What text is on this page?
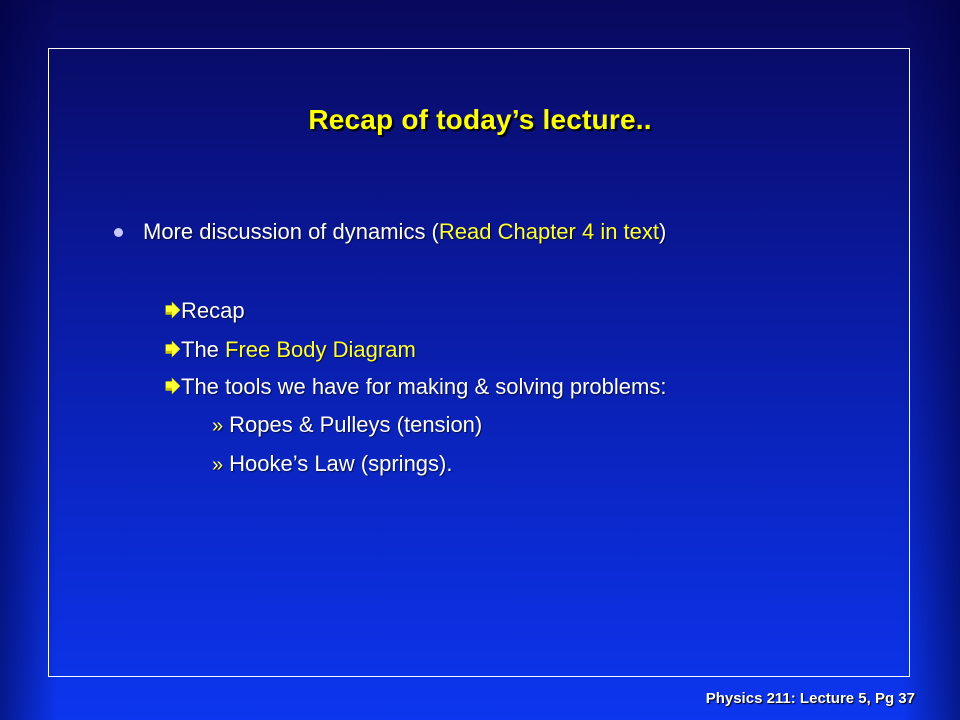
Recap of today’s lecture..
More discussion of dynamics (Read Chapter 4 in text)
Recap
The Free Body Diagram
The tools we have for making & solving problems:
» Ropes & Pulleys (tension)
» Hooke’s Law (springs).
Physics 211: Lecture 5, Pg 37
